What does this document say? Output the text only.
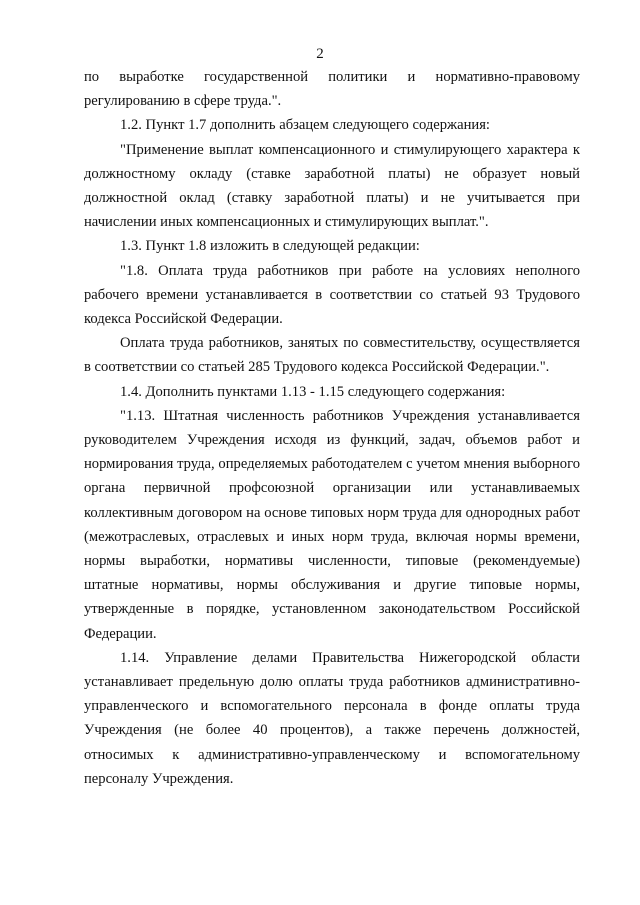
2

по выработке государственной политики и нормативно-правовому регулированию в сфере труда.".

1.2. Пункт 1.7 дополнить абзацем следующего содержания:

"Применение выплат компенсационного и стимулирующего характера к должностному окладу (ставке заработной платы) не образует новый должностной оклад (ставку заработной платы) и не учитывается при начислении иных компенсационных и стимулирующих выплат.".

1.3. Пункт 1.8 изложить в следующей редакции:

"1.8. Оплата труда работников при работе на условиях неполного рабочего времени устанавливается в соответствии со статьей 93 Трудового кодекса Российской Федерации.

Оплата труда работников, занятых по совместительству, осуществляется в соответствии со статьей 285 Трудового кодекса Российской Федерации.".

1.4. Дополнить пунктами 1.13 - 1.15 следующего содержания:

"1.13. Штатная численность работников Учреждения устанавливается руководителем Учреждения исходя из функций, задач, объемов работ и нормирования труда, определяемых работодателем с учетом мнения выборного органа первичной профсоюзной организации или устанавливаемых коллективным договором на основе типовых норм труда для однородных работ (межотраслевых, отраслевых и иных норм труда, включая нормы времени, нормы выработки, нормативы численности, типовые (рекомендуемые) штатные нормативы, нормы обслуживания и другие типовые нормы, утвержденные в порядке, установленном законодательством Российской Федерации.

1.14. Управление делами Правительства Нижегородской области устанавливает предельную долю оплаты труда работников административно-управленческого и вспомогательного персонала в фонде оплаты труда Учреждения (не более 40 процентов), а также перечень должностей, относимых к административно-управленческому и вспомогательному персоналу Учреждения.
